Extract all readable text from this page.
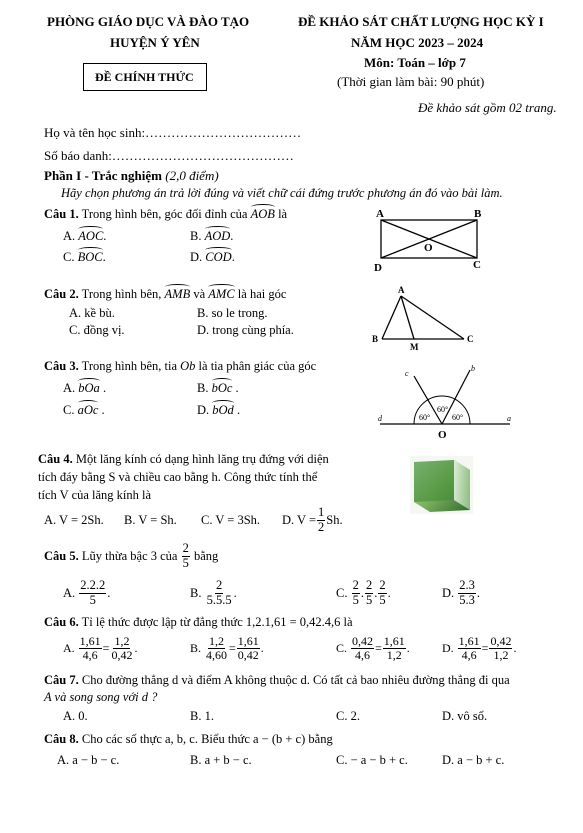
PHÒNG GIÁO DỤC VÀ ĐÀO TẠO
HUYỆN Ý YÊN
ĐỀ CHÍNH THỨC
ĐỀ KHẢO SÁT CHẤT LƯỢNG HỌC KỲ I
NĂM HỌC 2023 – 2024
Môn: Toán – lớp 7
(Thời gian làm bài: 90 phút)
Đề khảo sát gồm 02 trang.
Họ và tên học sinh:………………………………
Số báo danh:……………………………………
Phần I - Trắc nghiệm (2,0 điểm)
Hãy chọn phương án trả lời đúng và viết chữ cái đứng trước phương án đó vào bài làm.
Câu 1. Trong hình bên, góc đối đỉnh của AOB là
A. AOC.	B. AOD.
C. BOC.	D. COD.
A	B
C
D
O
Câu 2. Trong hình bên, AMB và AMC là hai góc
A. kề bù.	B. so le trong.
C. đồng vị.	D. trong cùng phía.
A
B
M
C
Câu 3. Trong hình bên, tia Ob là tia phân giác của góc
A. bOa .	B. bOc .
C. aOc .	D. bOd .
c
b
d	a
60°
60°
60°
O
Câu 4. Một lăng kính có dạng hình lăng trụ đứng với diện
tích đáy bằng S và chiều cao bằng h. Công thức tính thể
tích V của lăng kính là
A. V = 2Sh. B. V = Sh. C. V = 3Sh. D. $V = \frac{1}{2} Sh$.
Câu 5.
Lũy thừa bậc 3 của
$\frac{2}{5}$
bằng
A.
$\frac{2.2.2}{5}$ .	B.
$\frac{2}{5.5.5}$ .	C.
$\frac{2}{5}$ . $\frac{2}{5}$ . $\frac{2}{5}$ .	D.
$\frac{2.3}{5.3}$ .
Câu 6. Tỉ lệ thức được lập từ đẳng thức 1,2.1,61 = 0,42.4,6 là
A.
$\frac{1,61}{4,6} = \frac{1,2}{0,42}$ .	B.
$\frac{1,2}{4,60} = \frac{1,61}{0,42}$ .	C.
$\frac{0,42}{4,6} = \frac{1,61}{1,2}$ .	D.
$\frac{1,61}{4,6} = \frac{0,42}{1,2}$ .
Câu 7. Cho đường thẳng d và điểm A không thuộc d. Có tất cả bao nhiêu đường thẳng đi qua
A và song song với d ?
A. 0.	B. 1.	C. 2.	D. vô số.
Câu 8. Cho các số thực a, b, c. Biểu thức a − (b + c) bằng
A. a − b − c.	B. a + b − c.	C. − a − b + c.	D. a − b + c.
